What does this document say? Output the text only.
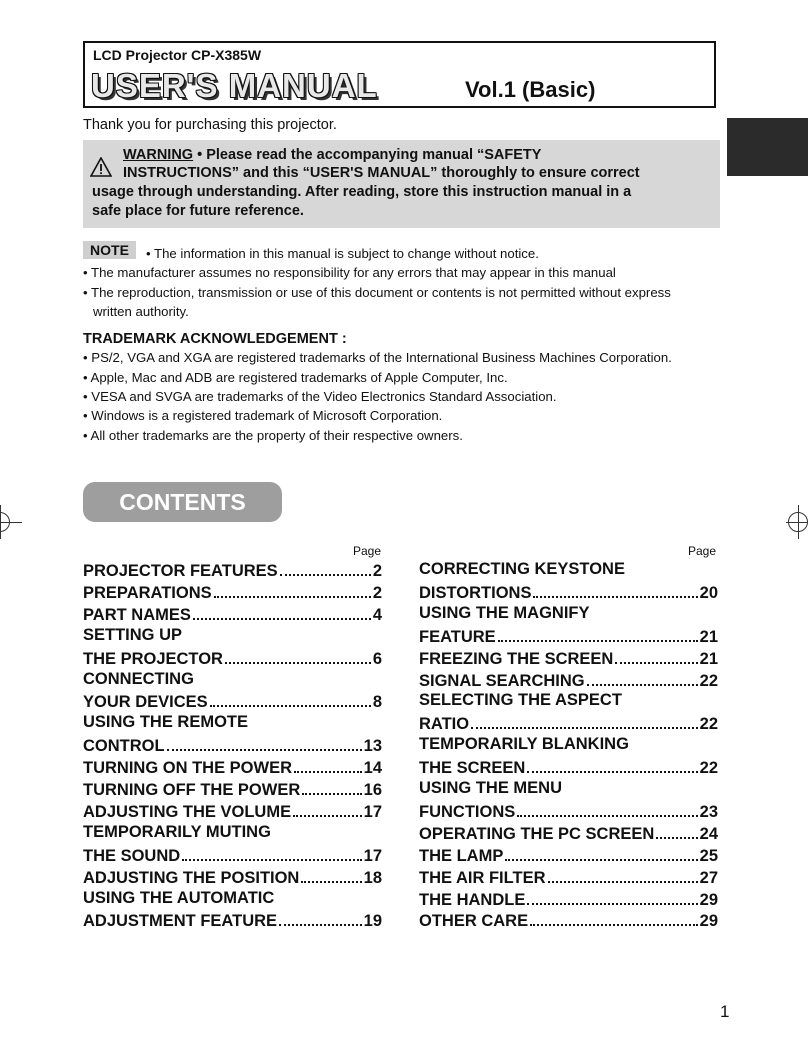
LCD Projector CP-X385W
USER'S MANUAL	Vol.1 (Basic)
Thank you for purchasing this projector.
WARNING • Please read the accompanying manual “SAFETY
INSTRUCTIONS” and this “USER'S MANUAL” thoroughly to ensure correct
usage through understanding. After reading, store this instruction manual in a
safe place for future reference.
NOTE	• The information in this manual is subject to change without notice.
• The manufacturer assumes no responsibility for any errors that may appear in this manual
• The reproduction, transmission or use of this document or contents is not permitted without express
written authority.
TRADEMARK ACKNOWLEDGEMENT :
• PS/2, VGA and XGA are registered trademarks of the International Business Machines Corporation.
• Apple, Mac and ADB are registered trademarks of Apple Computer, Inc.
• VESA and SVGA are trademarks of the Video Electronics Standard Association.
• Windows is a registered trademark of Microsoft Corporation.
• All other trademarks are the property of their respective owners.
CONTENTS
Page	Page
PROJECTOR FEATURES	2
PREPARATIONS	2
PART NAMES	4
SETTING UP
THE PROJECTOR	6
CONNECTING
YOUR DEVICES	8
USING THE REMOTE
CONTROL	13
TURNING ON THE POWER	14
TURNING OFF THE POWER	16
ADJUSTING THE VOLUME	17
TEMPORARILY MUTING
THE SOUND	17
ADJUSTING THE POSITION	18
USING THE AUTOMATIC
ADJUSTMENT FEATURE	19
CORRECTING KEYSTONE
DISTORTIONS	20
USING THE MAGNIFY
FEATURE	21
FREEZING THE SCREEN	21
SIGNAL SEARCHING	22
SELECTING THE ASPECT
RATIO	22
TEMPORARILY BLANKING
THE SCREEN	22
USING THE MENU
FUNCTIONS	23
OPERATING THE PC SCREEN	24
THE LAMP	25
THE AIR FILTER	27
THE HANDLE	29
OTHER CARE	29
1
